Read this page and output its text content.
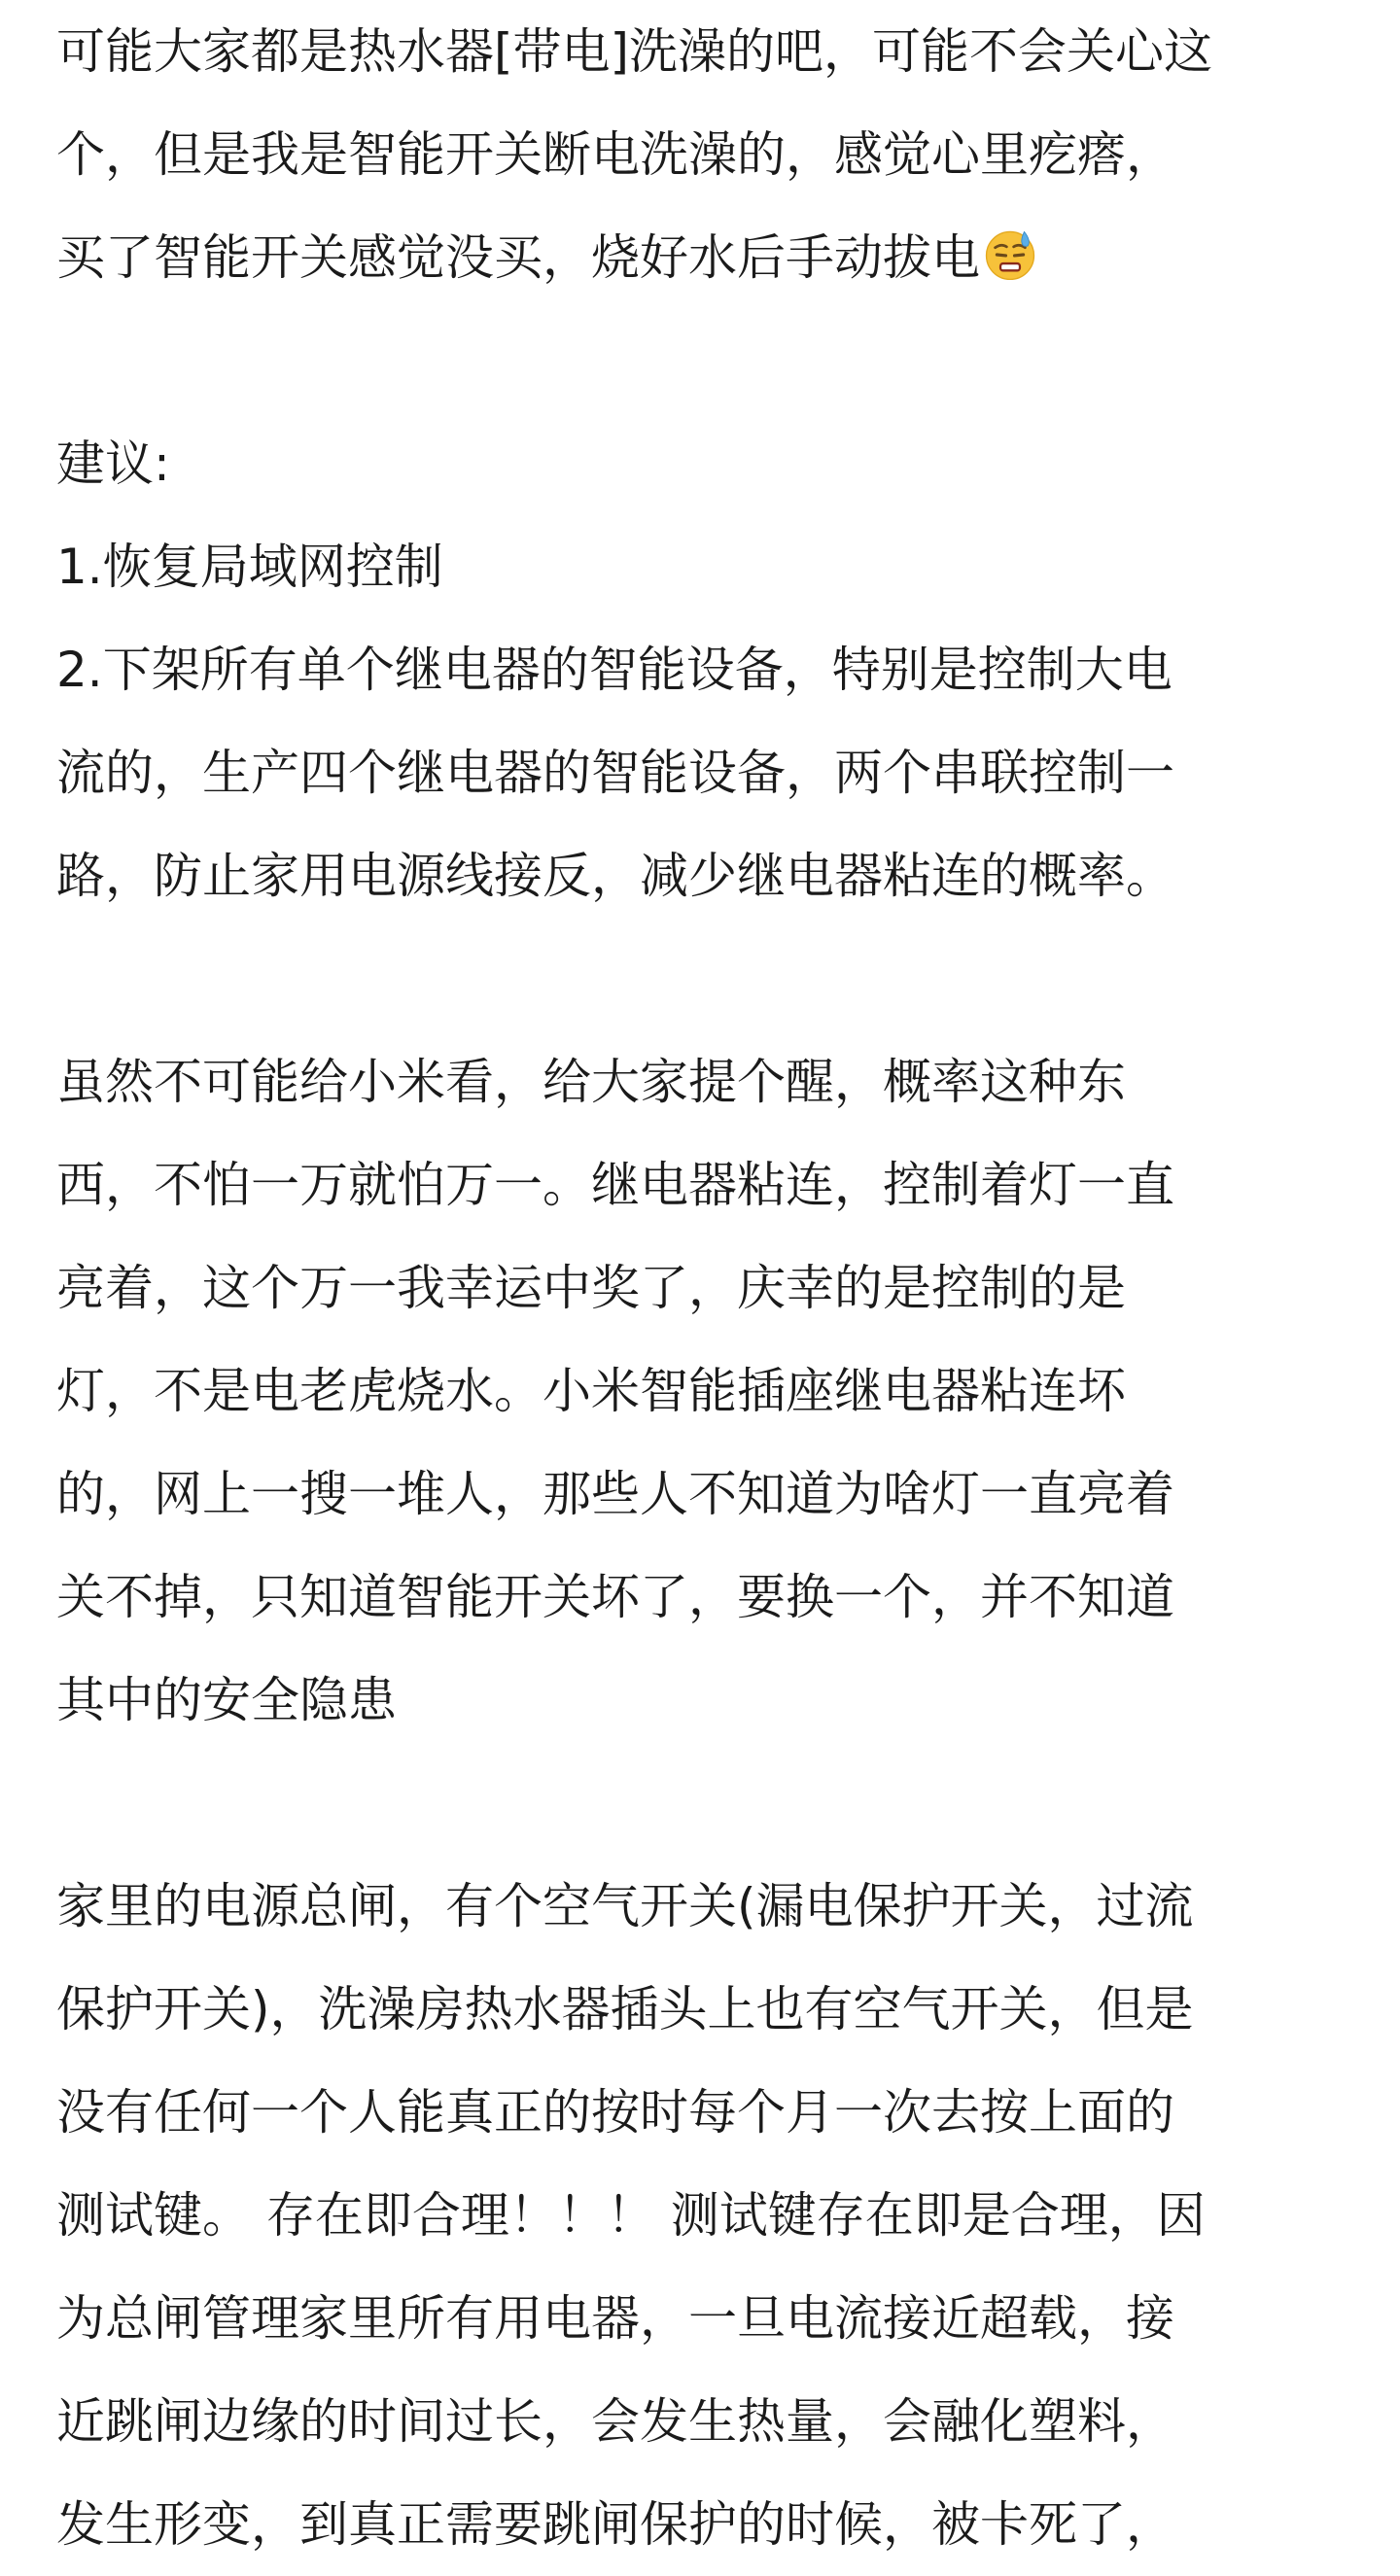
可能大家都是热水器[带电]洗澡的吧，可能不会关心这
个，但是我是智能开关断电洗澡的，感觉心里疙瘩，
买了智能开关感觉没买，烧好水后手动拔电
建议:
1.恢复局域网控制
2.下架所有单个继电器的智能设备，特别是控制大电
流的，生产四个继电器的智能设备，两个串联控制一
路，防止家用电源线接反，减少继电器粘连的概率。
虽然不可能给小米看，给大家提个醒，概率这种东
西，不怕一万就怕万一。继电器粘连，控制着灯一直
亮着，这个万一我幸运中奖了，庆幸的是控制的是
灯，不是电老虎烧水。小米智能插座继电器粘连坏
的，网上一搜一堆人，那些人不知道为啥灯一直亮着
关不掉，只知道智能开关坏了，要换一个，并不知道
其中的安全隐患
家里的电源总闸，有个空气开关(漏电保护开关，过流
保护开关)，洗澡房热水器插头上也有空气开关，但是
没有任何一个人能真正的按时每个月一次去按上面的
测试键。 存在即合理！！！ 测试键存在即是合理，因
为总闸管理家里所有用电器，一旦电流接近超载，接
近跳闸边缘的时间过长，会发生热量，会融化塑料，
发生形变，到真正需要跳闸保护的时候，被卡死了，
